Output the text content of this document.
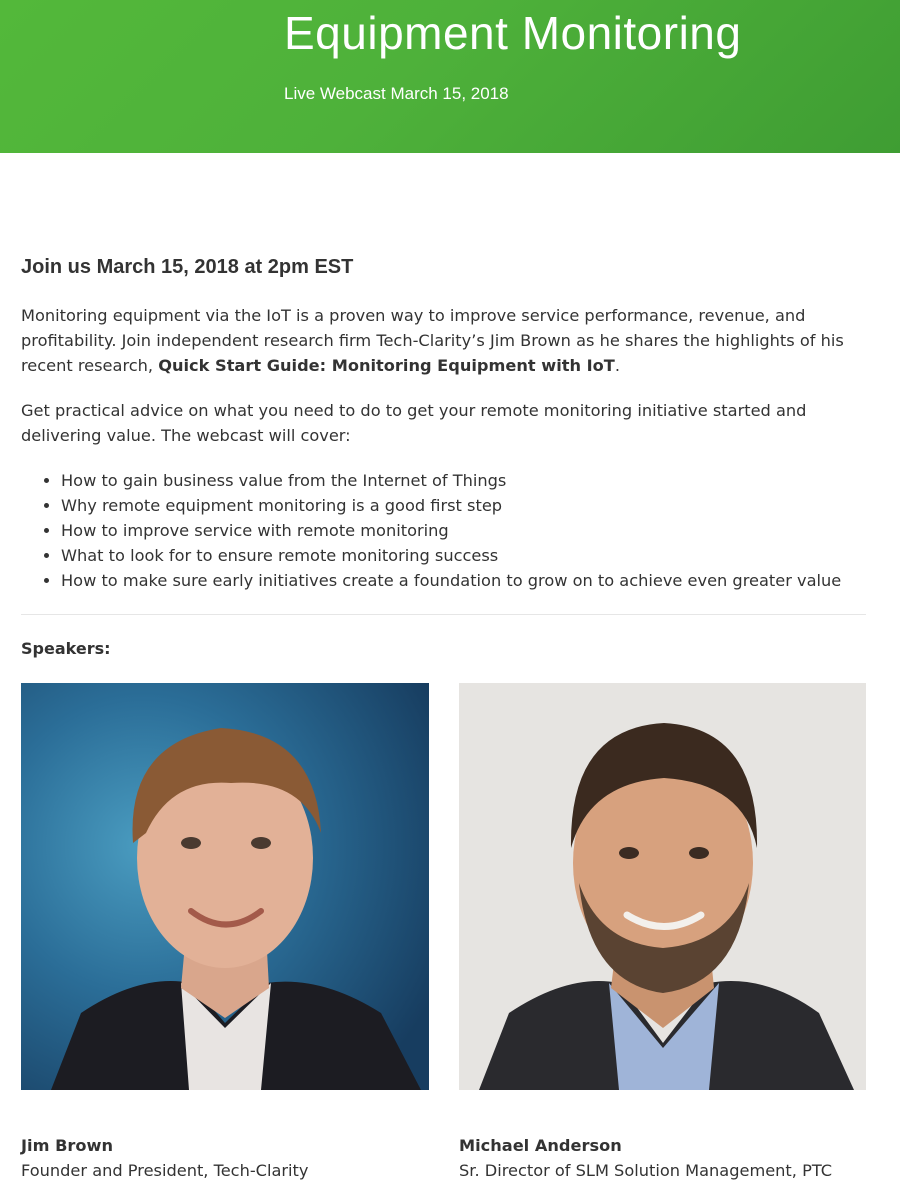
Equipment Monitoring
Live Webcast March 15, 2018
Join us March 15, 2018 at 2pm EST

Monitoring equipment via the IoT is a proven way to improve service performance, revenue, and profitability. Join independent research firm Tech-Clarity’s Jim Brown as he shares the highlights of his recent research, Quick Start Guide: Monitoring Equipment with IoT.

Get practical advice on what you need to do to get your remote monitoring initiative started and delivering value. The webcast will cover:

• How to gain business value from the Internet of Things
• Why remote equipment monitoring is a good first step
• How to improve service with remote monitoring
• What to look for to ensure remote monitoring success
• How to make sure early initiatives create a foundation to grow on to achieve even greater value

Speakers:

Jim Brown

Founder and President, Tech-Clarity

Michael Anderson

Sr. Director of SLM Solution Management, PTC
